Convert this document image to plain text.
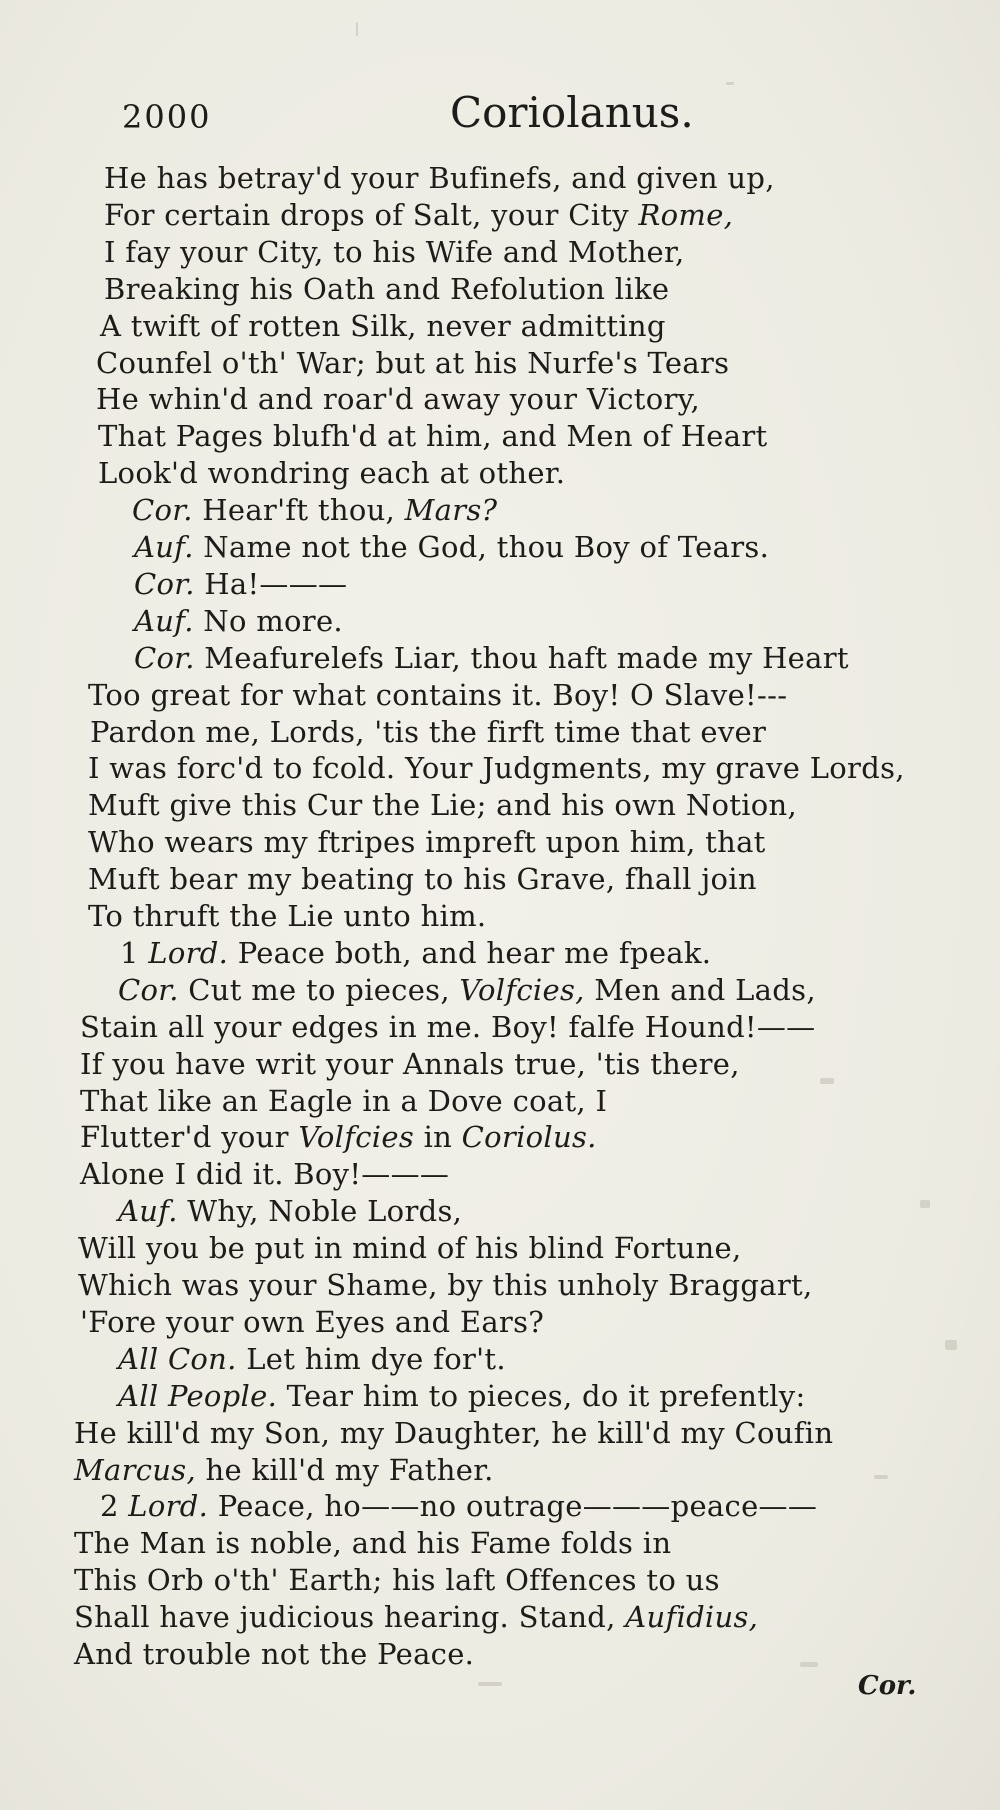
2000	Coriolanus.
He has betray'd your Bufinefs, and given up,
For certain drops of Salt, your City Rome,
I fay your City, to his Wife and Mother,
Breaking his Oath and Refolution like
A twift of rotten Silk, never admitting
Counfel o'th' War; but at his Nurfe's Tears
He whin'd and roar'd away your Victory,
That Pages blufh'd at him, and Men of Heart
Look'd wondring each at other.
Cor. Hear'ft thou, Mars?
Auf. Name not the God, thou Boy of Tears.
Cor. Ha!———
Auf. No more.
Cor. Meafurelefs Liar, thou haft made my Heart
Too great for what contains it. Boy! O Slave!---
Pardon me, Lords, 'tis the firft time that ever
I was forc'd to fcold. Your Judgments, my grave Lords,
Muft give this Cur the Lie; and his own Notion,
Who wears my ftripes impreft upon him, that
Muft bear my beating to his Grave, fhall join
To thruft the Lie unto him.
1 Lord. Peace both, and hear me fpeak.
Cor. Cut me to pieces, Volfcies, Men and Lads,
Stain all your edges in me. Boy! falfe Hound!——
If you have writ your Annals true, 'tis there,
That like an Eagle in a Dove coat, I
Flutter'd your Volfcies in Coriolus.
Alone I did it. Boy!———
Auf. Why, Noble Lords,
Will you be put in mind of his blind Fortune,
Which was your Shame, by this unholy Braggart,
'Fore your own Eyes and Ears?
All Con. Let him dye for't.
All People. Tear him to pieces, do it prefently:
He kill'd my Son, my Daughter, he kill'd my Coufin
Marcus, he kill'd my Father.
2 Lord. Peace, ho——no outrage———peace——
The Man is noble, and his Fame folds in
This Orb o'th' Earth; his laft Offences to us
Shall have judicious hearing. Stand, Aufidius,
And trouble not the Peace.
Cor.
